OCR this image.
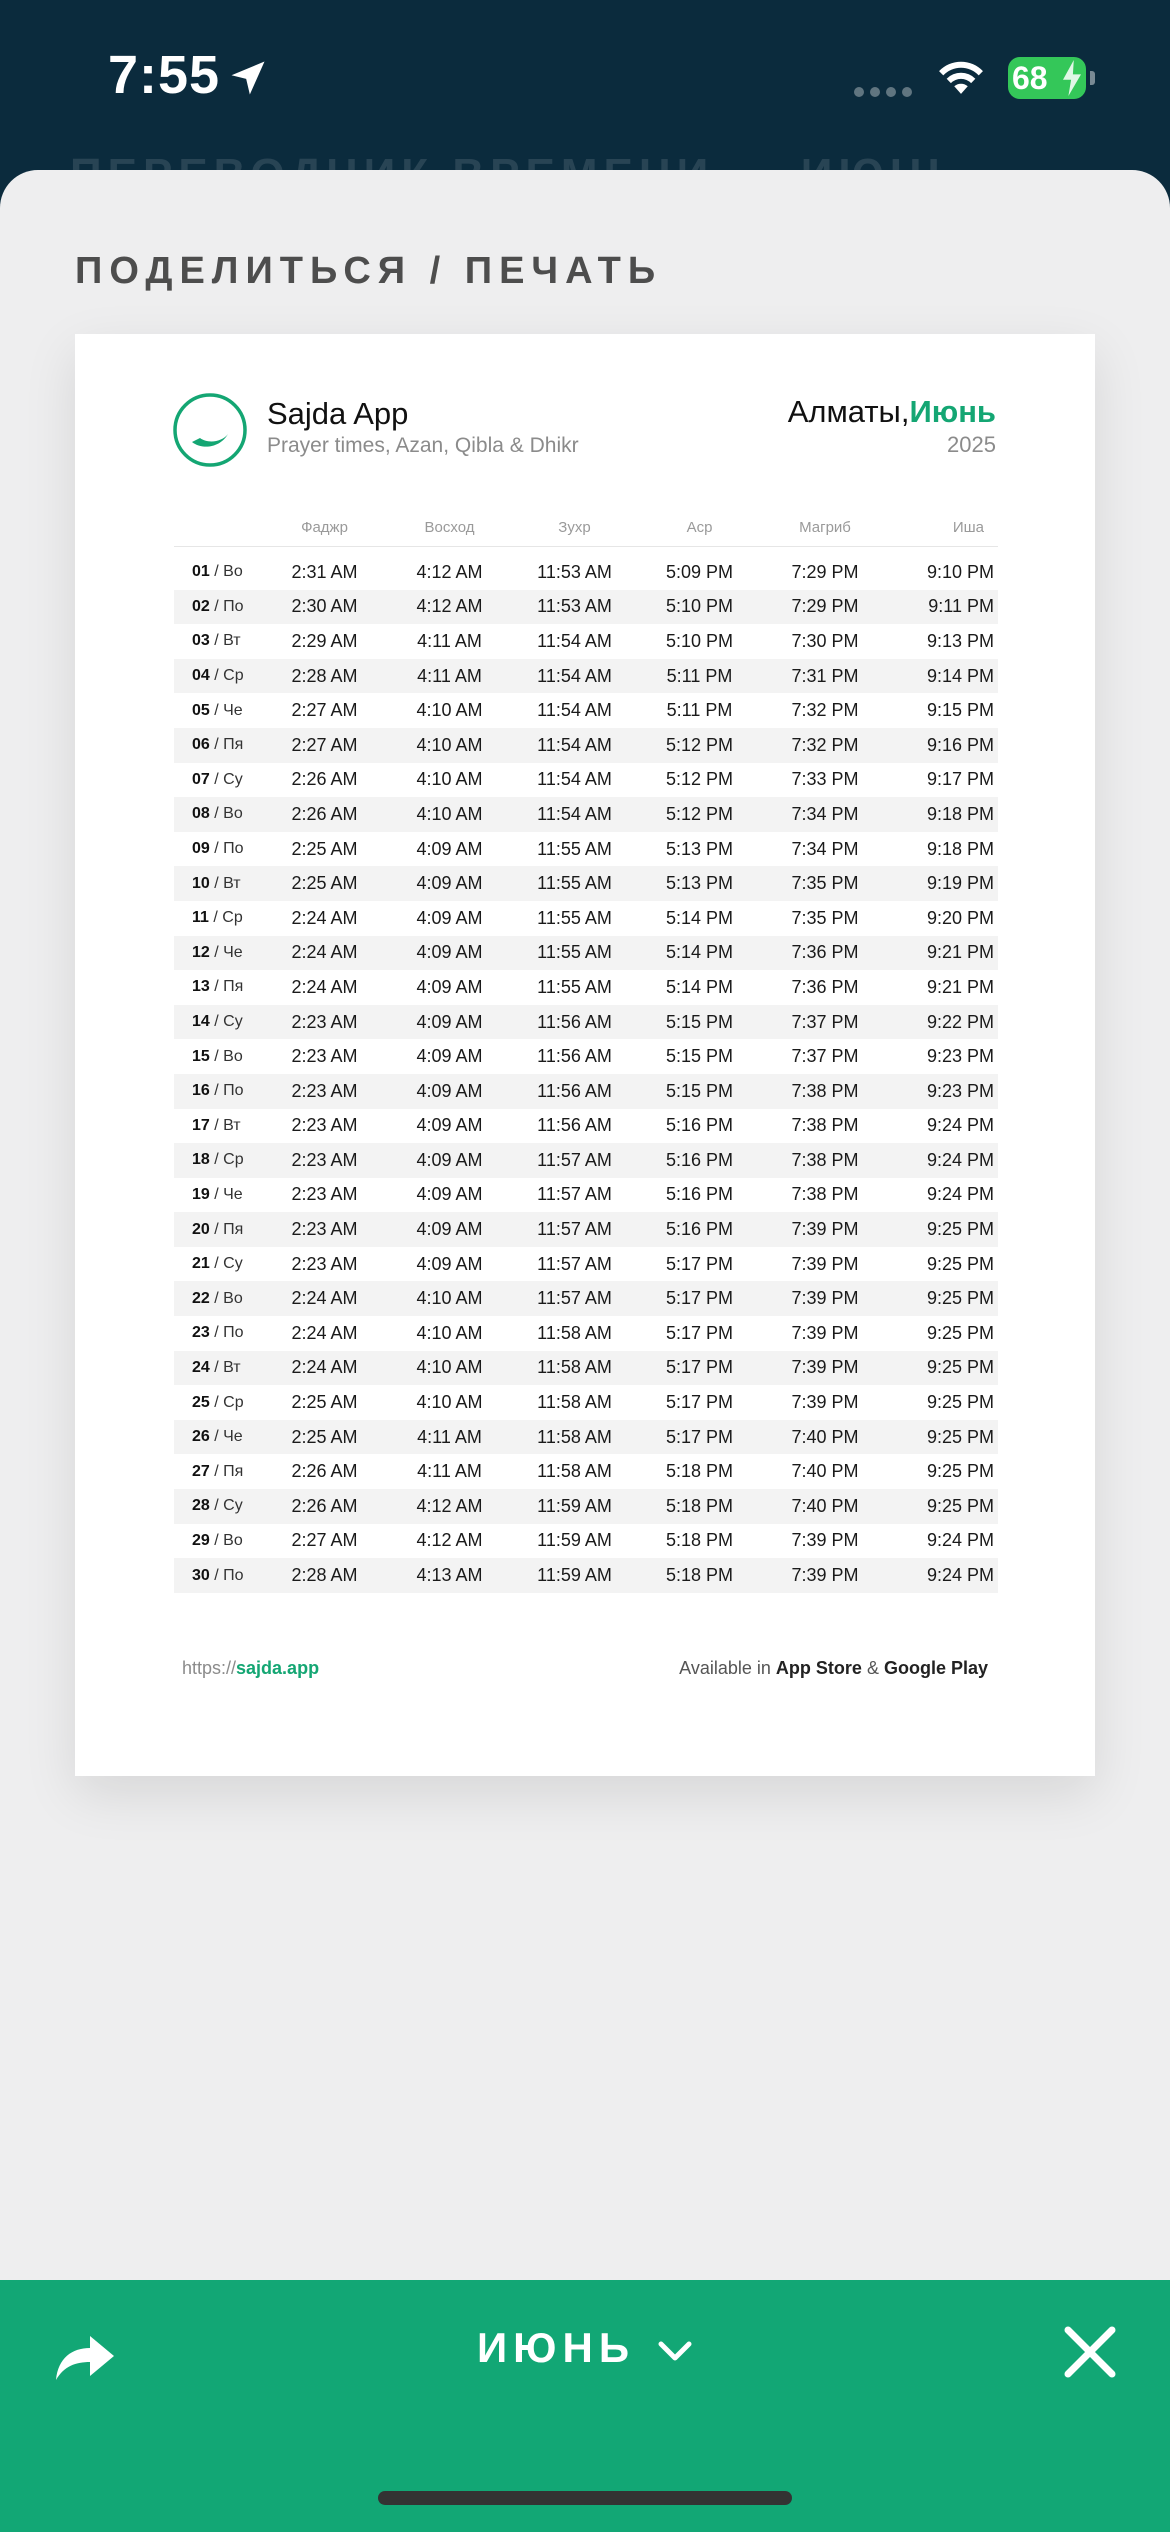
7:55	68
ПОДЕЛИТЬСЯ / ПЕЧАТЬ
Sajda App
Prayer times, Azan, Qibla & Dhikr
Алматы,Июнь
2025
Фаджр	Восход	Зухр	Аср	Магриб	Иша
01 / Во	2:31 AM	4:12 AM	11:53 AM	5:09 PM	7:29 PM	9:10 PM
02 / По	2:30 AM	4:12 AM	11:53 AM	5:10 PM	7:29 PM	9:11 PM
03 / Вт	2:29 AM	4:11 AM	11:54 AM	5:10 PM	7:30 PM	9:13 PM
04 / Ср	2:28 AM	4:11 AM	11:54 AM	5:11 PM	7:31 PM	9:14 PM
05 / Че	2:27 AM	4:10 AM	11:54 AM	5:11 PM	7:32 PM	9:15 PM
06 / Пя	2:27 AM	4:10 AM	11:54 AM	5:12 PM	7:32 PM	9:16 PM
07 / Су	2:26 AM	4:10 AM	11:54 AM	5:12 PM	7:33 PM	9:17 PM
08 / Во	2:26 AM	4:10 AM	11:54 AM	5:12 PM	7:34 PM	9:18 PM
09 / По	2:25 AM	4:09 AM	11:55 AM	5:13 PM	7:34 PM	9:18 PM
10 / Вт	2:25 AM	4:09 AM	11:55 AM	5:13 PM	7:35 PM	9:19 PM
11 / Ср	2:24 AM	4:09 AM	11:55 AM	5:14 PM	7:35 PM	9:20 PM
12 / Че	2:24 AM	4:09 AM	11:55 AM	5:14 PM	7:36 PM	9:21 PM
13 / Пя	2:24 AM	4:09 AM	11:55 AM	5:14 PM	7:36 PM	9:21 PM
14 / Су	2:23 AM	4:09 AM	11:56 AM	5:15 PM	7:37 PM	9:22 PM
15 / Во	2:23 AM	4:09 AM	11:56 AM	5:15 PM	7:37 PM	9:23 PM
16 / По	2:23 AM	4:09 AM	11:56 AM	5:15 PM	7:38 PM	9:23 PM
17 / Вт	2:23 AM	4:09 AM	11:56 AM	5:16 PM	7:38 PM	9:24 PM
18 / Ср	2:23 AM	4:09 AM	11:57 AM	5:16 PM	7:38 PM	9:24 PM
19 / Че	2:23 AM	4:09 AM	11:57 AM	5:16 PM	7:38 PM	9:24 PM
20 / Пя	2:23 AM	4:09 AM	11:57 AM	5:16 PM	7:39 PM	9:25 PM
21 / Су	2:23 AM	4:09 AM	11:57 AM	5:17 PM	7:39 PM	9:25 PM
22 / Во	2:24 AM	4:10 AM	11:57 AM	5:17 PM	7:39 PM	9:25 PM
23 / По	2:24 AM	4:10 AM	11:58 AM	5:17 PM	7:39 PM	9:25 PM
24 / Вт	2:24 AM	4:10 AM	11:58 AM	5:17 PM	7:39 PM	9:25 PM
25 / Ср	2:25 AM	4:10 AM	11:58 AM	5:17 PM	7:39 PM	9:25 PM
26 / Че	2:25 AM	4:11 AM	11:58 AM	5:17 PM	7:40 PM	9:25 PM
27 / Пя	2:26 AM	4:11 AM	11:58 AM	5:18 PM	7:40 PM	9:25 PM
28 / Су	2:26 AM	4:12 AM	11:59 AM	5:18 PM	7:40 PM	9:25 PM
29 / Во	2:27 AM	4:12 AM	11:59 AM	5:18 PM	7:39 PM	9:24 PM
30 / По	2:28 AM	4:13 AM	11:59 AM	5:18 PM	7:39 PM	9:24 PM
https://sajda.app	Available in App Store & Google Play
ИЮНЬ
